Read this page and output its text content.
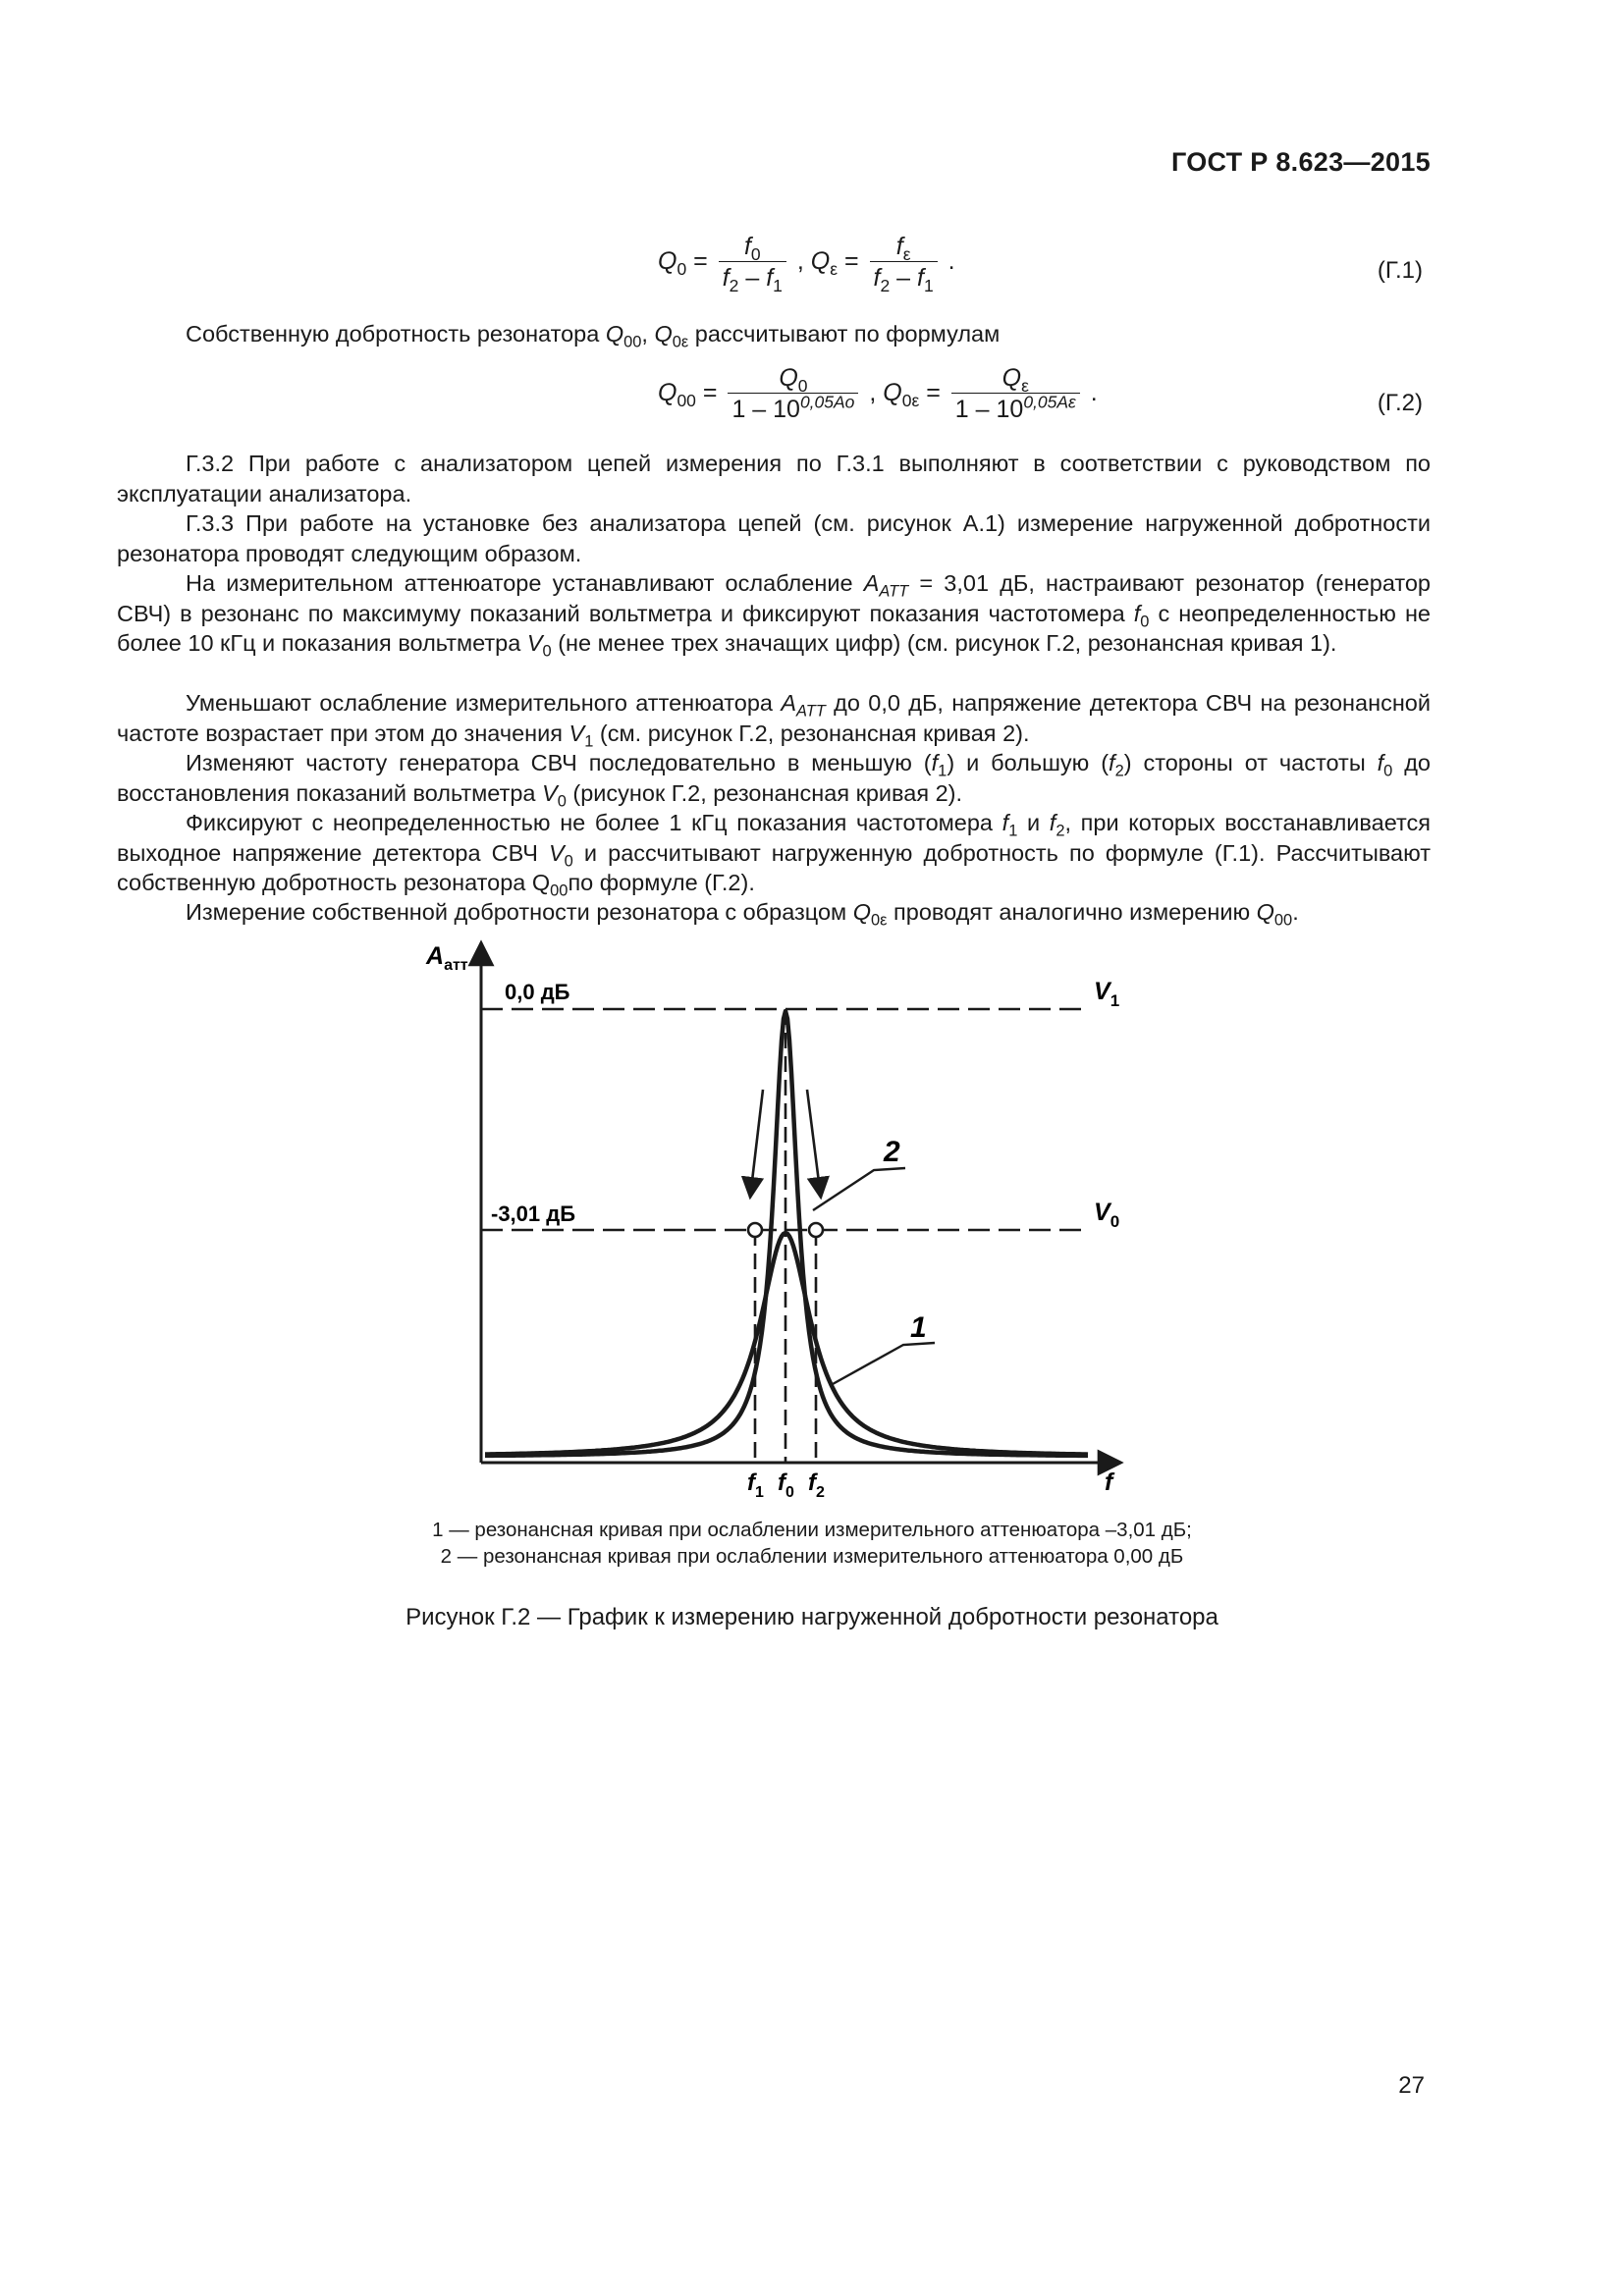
ГОСТ Р 8.623—2015
$Q_0 = \frac{f_0}{f_2 - f_1}$ , $Q_\varepsilon = \frac{f_\varepsilon}{f_2 - f_1}$ .	(Г.1)

Собственную добротность резонатора $Q_{00}$, $Q_{0\varepsilon}$ рассчитывают по формулам

$Q_{00} = \frac{Q_0}{1 - 10^{0,05Ao}}$ , $Q_{0\varepsilon} = \frac{Q_\varepsilon}{1 - 10^{0,05A\varepsilon}}$ .	(Г.2)

Г.3.2 При работе с анализатором цепей измерения по Г.3.1 выполняют в соответствии с руководством по эксплуатации анализатора.

Г.3.3 При работе на установке без анализатора цепей (см. рисунок А.1) измерение нагруженной добротности резонатора проводят следующим образом.

На измерительном аттенюаторе устанавливают ослабление $A_{ATT} = 3,01$ дБ, настраивают резонатор (генератор СВЧ) в резонанс по максимуму показаний вольтметра и фиксируют показания частотомера $f_0$ с неопределенностью не более 10 кГц и показания вольтметра $V_0$ (не менее трех значащих цифр) (см. рисунок Г.2, резонансная кривая 1).

Уменьшают ослабление измерительного аттенюатора $A_{ATT}$ до 0,0 дБ, напряжение детектора СВЧ на резонансной частоте возрастает при этом до значения $V_1$ (см. рисунок Г.2, резонансная кривая 2).

Изменяют частоту генератора СВЧ последовательно в меньшую $(f_1)$ и большую $(f_2)$ стороны от частоты $f_0$ до восстановления показаний вольтметра $V_0$ (рисунок Г.2, резонансная кривая 2).

Фиксируют с неопределенностью не более 1 кГц показания частотомера $f_1$ и $f_2$, при которых восстанавливается выходное напряжение детектора СВЧ $V_0$ и рассчитывают нагруженную добротность по формуле (Г.1). Рассчитывают собственную добротность резонатора $Q_{00}по$ формуле (Г.2).

Измерение собственной добротности резонатора с образцом $Q_{0\varepsilon}$ проводят аналогично измерению $Q_{00}$.

$A_{атт}$
0,0 дБ
-3,01 дБ
$V_1$
$V_0$
2
1
f
$f_1$ $f_0$ $f_2$
1 — резонансная кривая при ослаблении измерительного аттенюатора –3,01 дБ;
2 — резонансная кривая при ослаблении измерительного аттенюатора 0,00 дБ
Рисунок Г.2 — График к измерению нагруженной добротности резонатора
27
